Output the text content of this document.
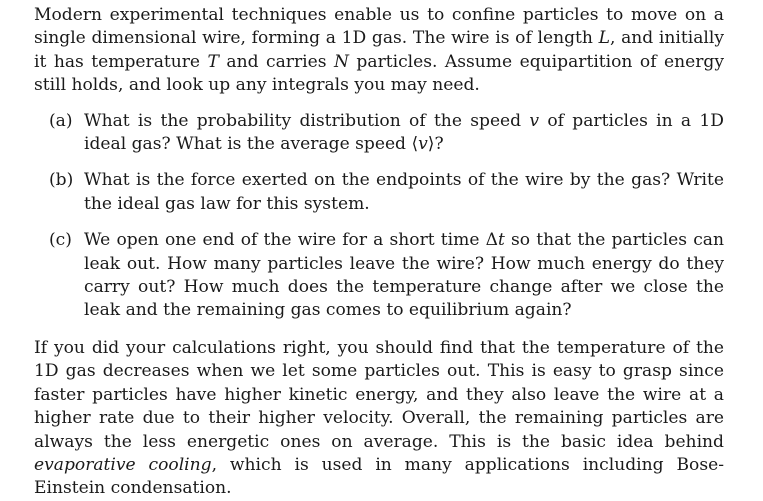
Modern experimental techniques enable us to confine particles to move on a single dimensional wire, forming a 1D gas. The wire is of length L, and initially it has temperature T and carries N particles. Assume equipartition of energy still holds, and look up any integrals you may need.

(a) What is the probability distribution of the speed v of particles in a 1D ideal gas? What is the average speed ⟨v⟩?
(b) What is the force exerted on the endpoints of the wire by the gas? Write the ideal gas law for this system.
(c) We open one end of the wire for a short time Δt so that the particles can leak out. How many particles leave the wire? How much energy do they carry out? How much does the temperature change after we close the leak and the remaining gas comes to equilibrium again?

If you did your calculations right, you should find that the temperature of the 1D gas decreases when we let some particles out. This is easy to grasp since faster particles have higher kinetic energy, and they also leave the wire at a higher rate due to their higher velocity. Overall, the remaining particles are always the less energetic ones on average. This is the basic idea behind evaporative cooling, which is used in many applications including Bose-Einstein condensation.
